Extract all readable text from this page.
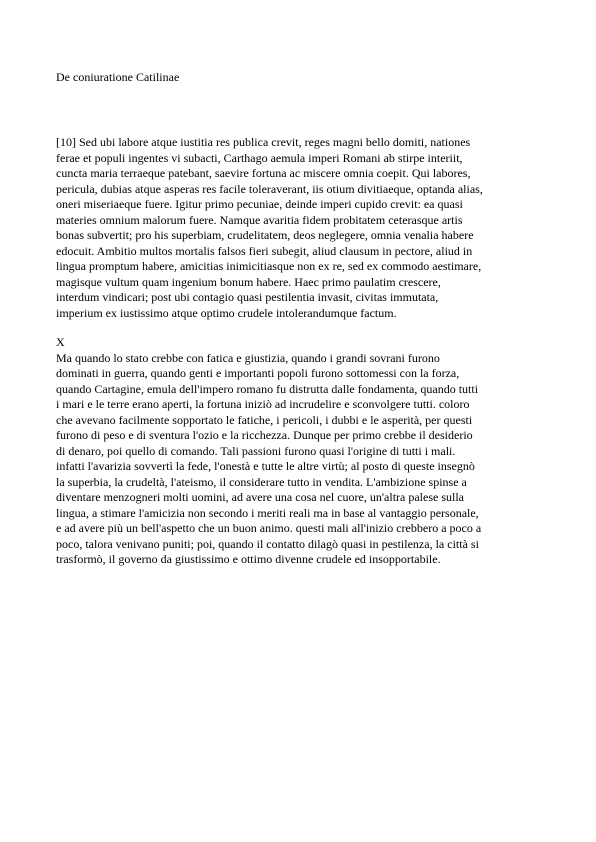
De coniuratione Catilinae
[10] Sed ubi labore atque iustitia res publica crevit, reges magni bello domiti, nationes
ferae et populi ingentes vi subacti, Carthago aemula imperi Romani ab stirpe interiit,
cuncta maria terraeque patebant, saevire fortuna ac miscere omnia coepit. Qui labores,
pericula, dubias atque asperas res facile toleraverant, iis otium divitiaeque, optanda alias,
oneri miseriaeque fuere. Igitur primo pecuniae, deinde imperi cupido crevit: ea quasi
materies omnium malorum fuere. Namque avaritia fidem probitatem ceterasque artis
bonas subvertit; pro his superbiam, crudelitatem, deos neglegere, omnia venalia habere
edocuit. Ambitio multos mortalis falsos fieri subegit, aliud clausum in pectore, aliud in
lingua promptum habere, amicitias inimicitiasque non ex re, sed ex commodo aestimare,
magisque vultum quam ingenium bonum habere. Haec primo paulatim crescere,
interdum vindicari; post ubi contagio quasi pestilentia invasit, civitas immutata,
imperium ex iustissimo atque optimo crudele intolerandumque factum.
X
Ma quando lo stato crebbe con fatica e giustizia, quando i grandi sovrani furono
dominati in guerra, quando genti e importanti popoli furono sottomessi con la forza,
quando Cartagine, emula dell'impero romano fu distrutta dalle fondamenta, quando tutti
i mari e le terre erano aperti, la fortuna iniziò ad incrudelire e sconvolgere tutti. coloro
che avevano facilmente sopportato le fatiche, i pericoli, i dubbi e le asperità, per questi
furono di peso e di sventura l'ozio e la ricchezza. Dunque per primo crebbe il desiderio
di denaro, poi quello di comando. Tali passioni furono quasi l'origine di tutti i mali.
infatti l'avarizia sovvertì la fede, l'onestà e tutte le altre virtù; al posto di queste insegnò
la superbia, la crudeltà, l'ateismo, il considerare tutto in vendita. L'ambizione spinse a
diventare menzogneri molti uomini, ad avere una cosa nel cuore, un'altra palese sulla
lingua, a stimare l'amicizia non secondo i meriti reali ma in base al vantaggio personale,
e ad avere più un bell'aspetto che un buon animo. questi mali all'inizio crebbero a poco a
poco, talora venivano puniti; poi, quando il contatto dilagò quasi in pestilenza, la città si
trasformò, il governo da giustissimo e ottimo divenne crudele ed insopportabile.
